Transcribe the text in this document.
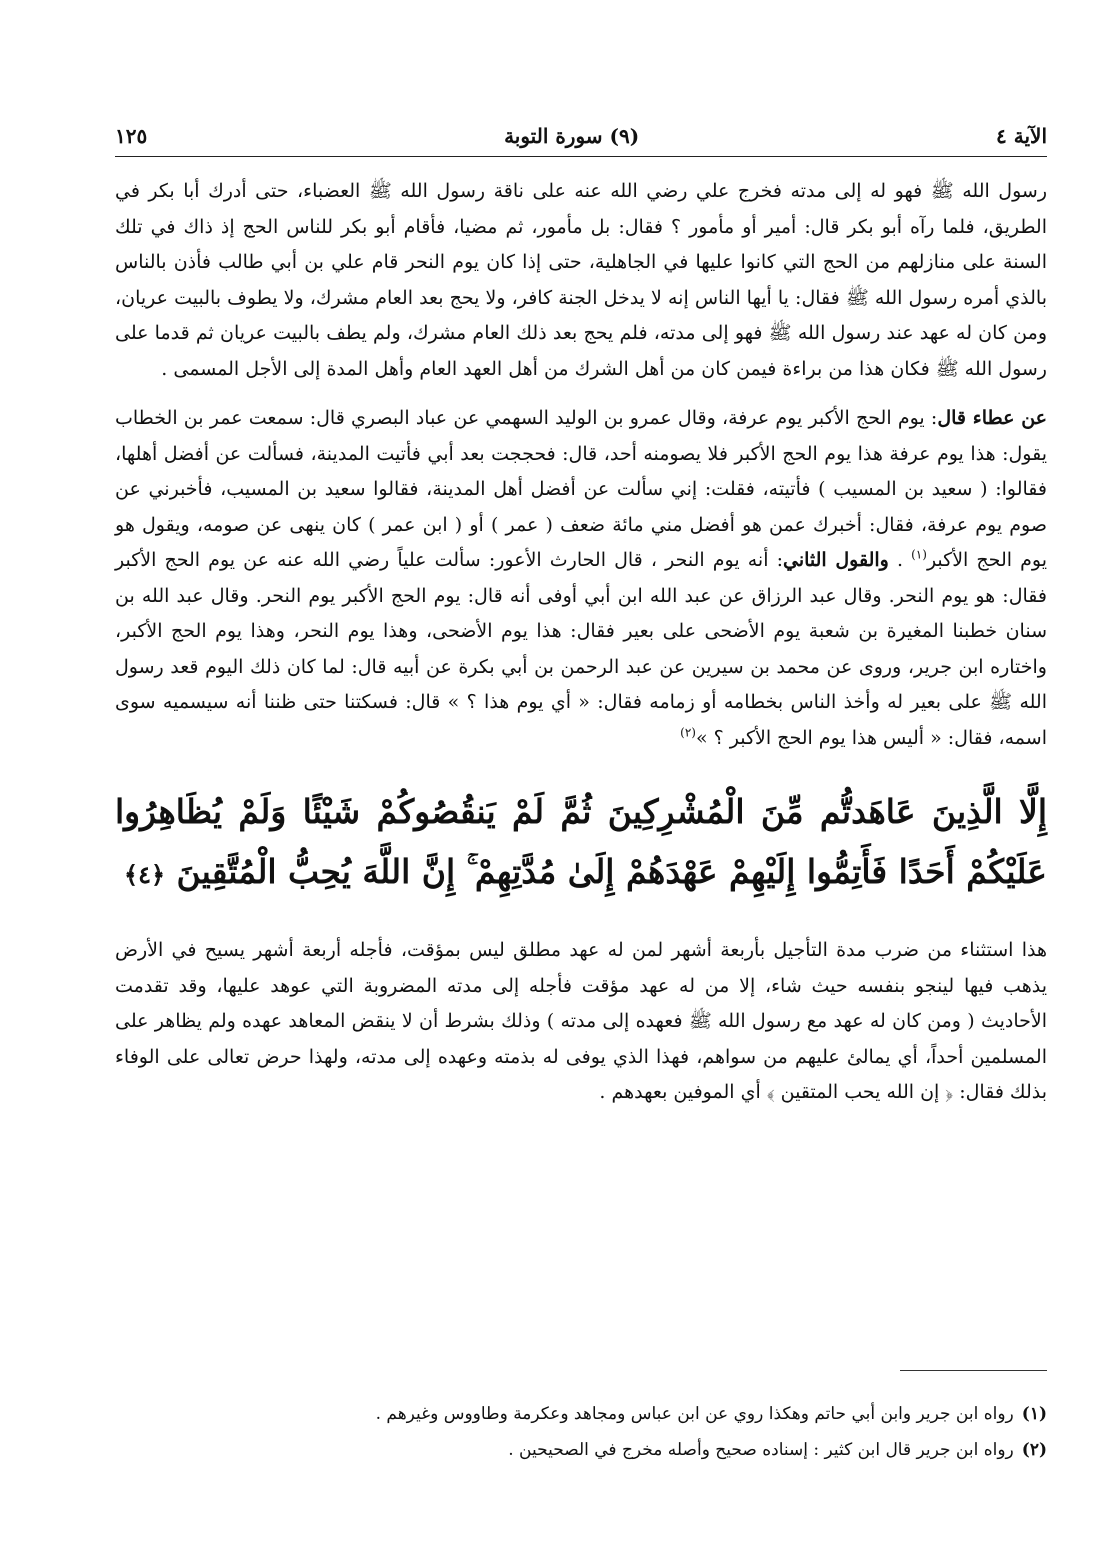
الآية ٤
(٩) سورة التوبة
١٢٥

رسول الله ﷺ فهو له إلى مدته فخرج علي رضي الله عنه على ناقة رسول الله ﷺ العضباء، حتى أدرك أبا بكر في الطريق، فلما رآه أبو بكر قال: أمير أو مأمور ؟ فقال: بل مأمور، ثم مضيا، فأقام أبو بكر للناس الحج إذ ذاك في تلك السنة على منازلهم من الحج التي كانوا عليها في الجاهلية، حتى إذا كان يوم النحر قام علي بن أبي طالب فأذن بالناس بالذي أمره رسول الله ﷺ فقال: يا أيها الناس إنه لا يدخل الجنة كافر، ولا يحج بعد العام مشرك، ولا يطوف بالبيت عريان، ومن كان له عهد عند رسول الله ﷺ فهو إلى مدته، فلم يحج بعد ذلك العام مشرك، ولم يطف بالبيت عريان ثم قدما على رسول الله ﷺ فكان هذا من براءة فيمن كان من أهل الشرك من أهل العهد العام وأهل المدة إلى الأجل المسمى .

عن عطاء قال: يوم الحج الأكبر يوم عرفة، وقال عمرو بن الوليد السهمي عن عباد البصري قال: سمعت عمر بن الخطاب يقول: هذا يوم عرفة هذا يوم الحج الأكبر فلا يصومنه أحد، قال: فحججت بعد أبي فأتيت المدينة، فسألت عن أفضل أهلها، فقالوا: ( سعيد بن المسيب ) فأتيته، فقلت: إني سألت عن أفضل أهل المدينة، فقالوا سعيد بن المسيب، فأخبرني عن صوم يوم عرفة، فقال: أخبرك عمن هو أفضل مني مائة ضعف ( عمر ) أو ( ابن عمر ) كان ينهى عن صومه، ويقول هو يوم الحج الأكبر$^{(١)}$ . والقول الثاني: أنه يوم النحر ، قال الحارث الأعور: سألت علياً رضي الله عنه عن يوم الحج الأكبر فقال: هو يوم النحر. وقال عبد الرزاق عن عبد الله ابن أبي أوفى أنه قال: يوم الحج الأكبر يوم النحر. وقال عبد الله بن سنان خطبنا المغيرة بن شعبة يوم الأضحى على بعير فقال: هذا يوم الأضحى، وهذا يوم النحر، وهذا يوم الحج الأكبر، واختاره ابن جرير، وروى عن محمد بن سيرين عن عبد الرحمن بن أبي بكرة عن أبيه قال: لما كان ذلك اليوم قعد رسول الله ﷺ على بعير له وأخذ الناس بخطامه أو زمامه فقال: « أي يوم هذا ؟ » قال: فسكتنا حتى ظننا أنه سيسميه سوى اسمه، فقال: « أليس هذا يوم الحج الأكبر ؟ »$^{(٢)}$

إِلَّا الَّذِينَ عَاهَدتُّم مِّنَ الْمُشْرِكِينَ ثُمَّ لَمْ يَنقُصُوكُمْ شَيْئًا وَلَمْ يُظَاهِرُوا عَلَيْكُمْ أَحَدًا فَأَتِمُّوا إِلَيْهِمْ عَهْدَهُمْ إِلَىٰ مُدَّتِهِمْ ۚ إِنَّ اللَّهَ يُحِبُّ الْمُتَّقِينَ ﴿٤﴾

هذا استثناء من ضرب مدة التأجيل بأربعة أشهر لمن له عهد مطلق ليس بمؤقت، فأجله أربعة أشهر يسيح في الأرض يذهب فيها لينجو بنفسه حيث شاء، إلا من له عهد مؤقت فأجله إلى مدته المضروبة التي عوهد عليها، وقد تقدمت الأحاديث ( ومن كان له عهد مع رسول الله ﷺ فعهده إلى مدته ) وذلك بشرط أن لا ينقض المعاهد عهده ولم يظاهر على المسلمين أحداً، أي يمالئ عليهم من سواهم، فهذا الذي يوفى له بذمته وعهده إلى مدته، ولهذا حرض تعالى على الوفاء بذلك فقال: ﴿ إن الله يحب المتقين ﴾ أي الموفين بعهدهم .

(١)رواه ابن جرير وابن أبي حاتم وهكذا روي عن ابن عباس ومجاهد وعكرمة وطاووس وغيرهم .

(٢)رواه ابن جرير قال ابن كثير : إسناده صحيح وأصله مخرج في الصحيحين .
